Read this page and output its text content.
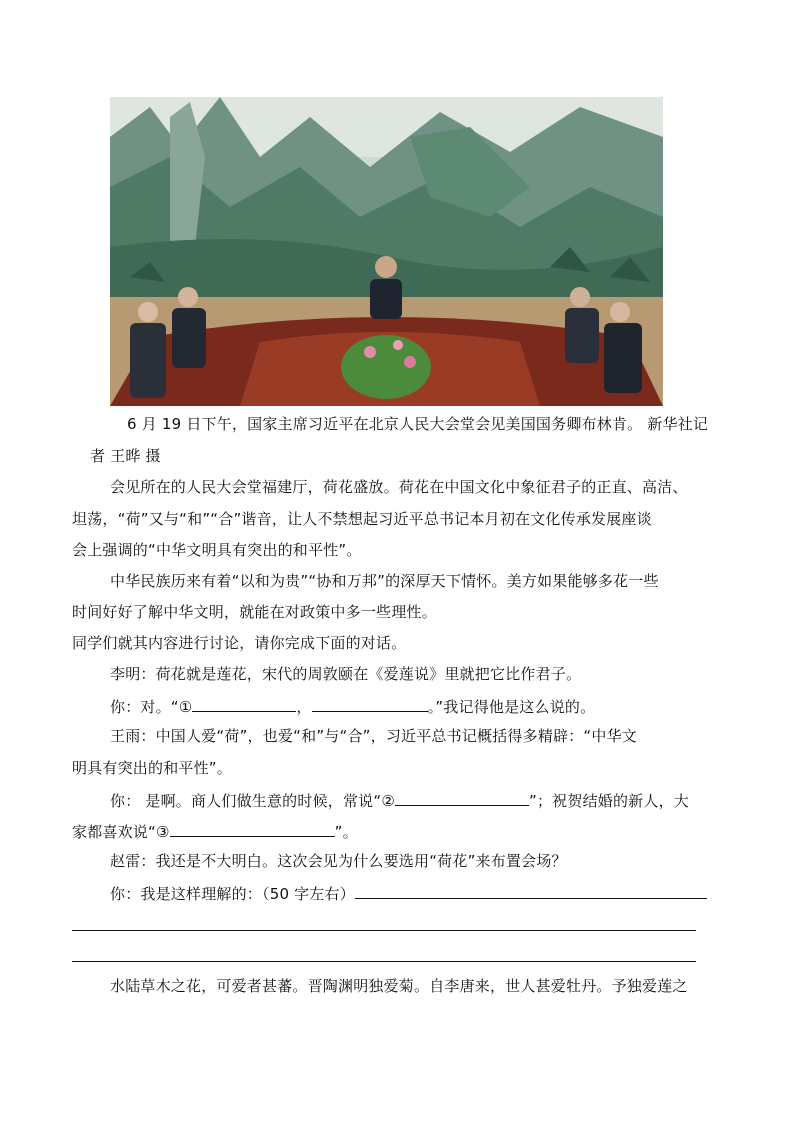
6 月 19 日下午，国家主席习近平在北京人民大会堂会见美国国务卿布林肯。 新华社记
者 王晔 摄
会见所在的人民大会堂福建厅，荷花盛放。荷花在中国文化中象征君子的正直、高洁、
坦荡，“荷”又与“和”“合”谐音，让人不禁想起习近平总书记本月初在文化传承发展座谈
会上强调的“中华文明具有突出的和平性”。
中华民族历来有着“以和为贵”“协和万邦”的深厚天下情怀。美方如果能够多花一些
时间好好了解中华文明，就能在对政策中多一些理性。
同学们就其内容进行讨论，请你完成下面的对话。
李明：荷花就是莲花，宋代的周敦颐在《爱莲说》里就把它比作君子。
你：对。“①	，	。”我记得他是这么说的。
王雨：中国人爱“荷”，也爱“和”与“合”，习近平总书记概括得多精辟：“中华文
明具有突出的和平性”。
你： 是啊。商人们做生意的时候，常说“②	”；祝贺结婚的新人，大
家都喜欢说“③	”。
赵雷：我还是不大明白。这次会见为什么要选用“荷花”来布置会场？
你：我是这样理解的：（50 字左右）
水陆草木之花，可爱者甚蕃。晋陶渊明独爱菊。自李唐来，世人甚爱牡丹。予独爱莲之
